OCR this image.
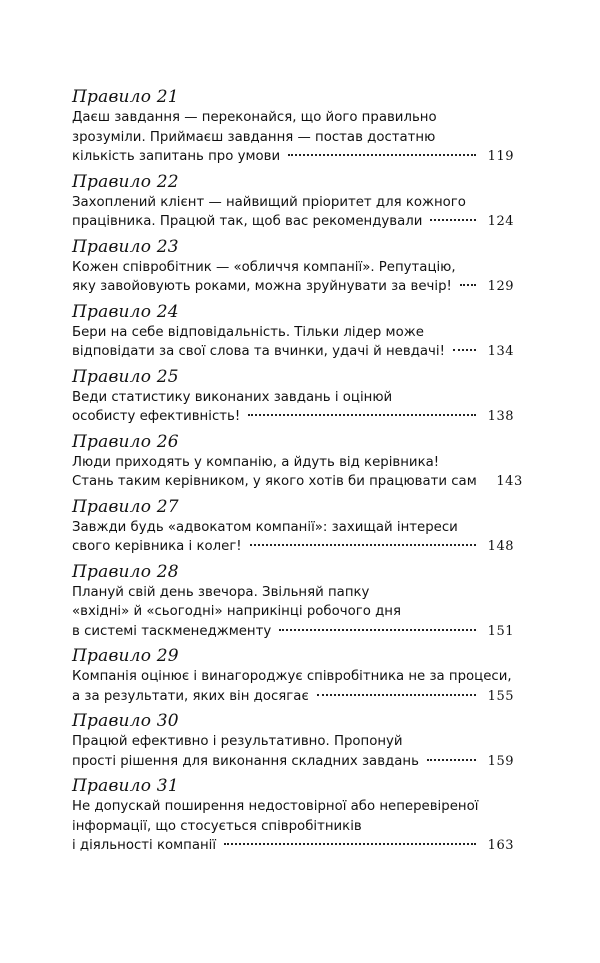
Правило 21
Даєш завдання — переконайся, що його правильно
зрозуміли. Приймаєш завдання — постав достатню
кількість запитань про умови	119
Правило 22
Захоплений клієнт — найвищий пріоритет для кожного
працівника. Працюй так, щоб вас рекомендували	124
Правило 23
Кожен співробітник — «обличчя компанії». Репутацію,
яку завойовують роками, можна зруйнувати за вечір!	129
Правило 24
Бери на себе відповідальність. Тільки лідер може
відповідати за свої слова та вчинки, удачі й невдачі!	134
Правило 25
Веди статистику виконаних завдань і оцінюй
особисту ефективність!	138
Правило 26
Люди приходять у компанію, а йдуть від керівника!
Стань таким керівником, у якого хотів би працювати сам 143
Правило 27
Завжди будь «адвокатом компанії»: захищай інтереси
свого керівника і колег!	148
Правило 28
Плануй свій день звечора. Звільняй папку
«вхідні» й «сьогодні» наприкінці робочого дня
в системі таскменеджменту	151
Правило 29
Компанія оцінює і винагороджує співробітника не за процеси,
а за результати, яких він досягає	155
Правило 30
Працюй ефективно і результативно. Пропонуй
прості рішення для виконання складних завдань	159
Правило 31
Не допускай поширення недостовірної або неперевіреної
інформації, що стосується співробітників
і діяльності компанії	163
